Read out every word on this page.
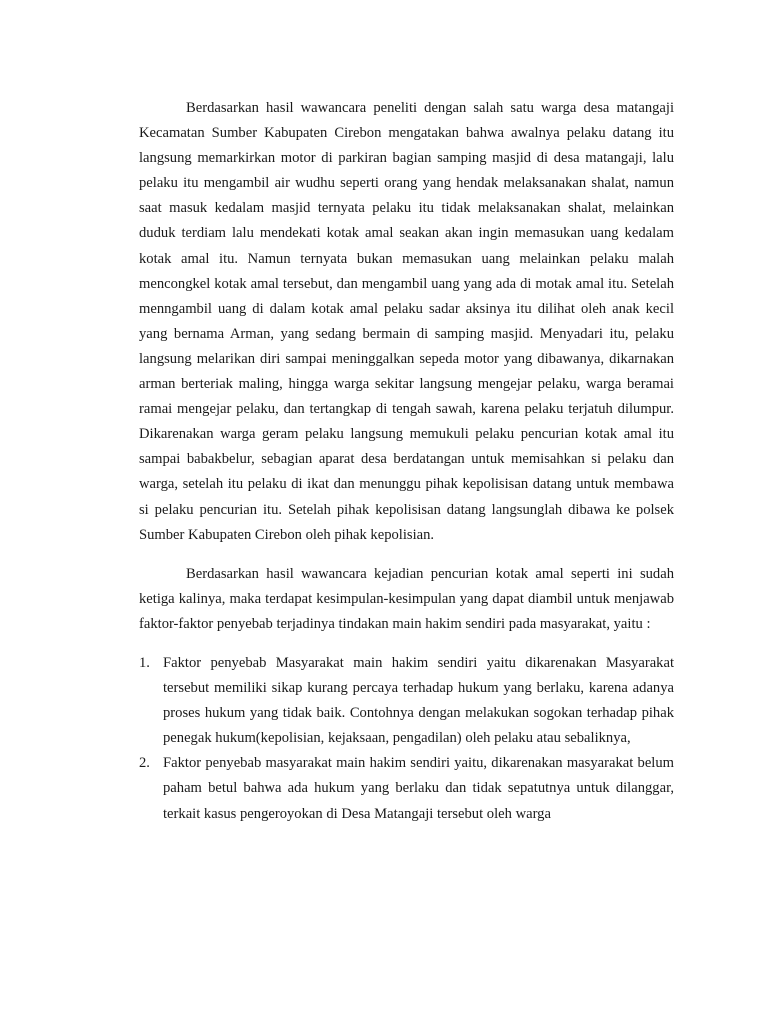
Berdasarkan hasil wawancara peneliti dengan salah satu warga desa matangaji Kecamatan Sumber Kabupaten Cirebon mengatakan bahwa awalnya pelaku datang itu langsung memarkirkan motor di parkiran bagian samping masjid di desa matangaji, lalu pelaku itu mengambil air wudhu seperti orang yang hendak melaksanakan shalat, namun saat masuk kedalam masjid ternyata pelaku itu tidak melaksanakan shalat, melainkan duduk terdiam lalu mendekati kotak amal seakan akan ingin memasukan uang kedalam kotak amal itu. Namun ternyata bukan memasukan uang melainkan pelaku malah mencongkel kotak amal tersebut, dan mengambil uang yang ada di motak amal itu. Setelah menngambil uang di dalam kotak amal pelaku sadar aksinya itu dilihat oleh anak kecil yang bernama Arman, yang sedang bermain di samping masjid. Menyadari itu, pelaku langsung melarikan diri sampai meninggalkan sepeda motor yang dibawanya, dikarnakan arman berteriak maling, hingga warga sekitar langsung mengejar pelaku, warga beramai ramai mengejar pelaku, dan tertangkap di tengah sawah, karena pelaku terjatuh dilumpur. Dikarenakan warga geram pelaku langsung memukuli pelaku pencurian kotak amal itu sampai babakbelur, sebagian aparat desa berdatangan untuk memisahkan si pelaku dan warga, setelah itu pelaku di ikat dan menunggu pihak kepolisisan datang untuk membawa si pelaku pencurian itu. Setelah pihak kepolisisan datang langsunglah dibawa ke polsek Sumber Kabupaten Cirebon oleh pihak kepolisian.

Berdasarkan hasil wawancara kejadian pencurian kotak amal seperti ini sudah ketiga kalinya, maka terdapat kesimpulan-kesimpulan yang dapat diambil untuk menjawab faktor-faktor penyebab terjadinya tindakan main hakim sendiri pada masyarakat, yaitu :

1. Faktor penyebab Masyarakat main hakim sendiri yaitu dikarenakan Masyarakat tersebut memiliki sikap kurang percaya terhadap hukum yang berlaku, karena adanya proses hukum yang tidak baik. Contohnya dengan melakukan sogokan terhadap pihak penegak hukum(kepolisian, kejaksaan, pengadilan) oleh pelaku atau sebaliknya,
2. Faktor penyebab masyarakat main hakim sendiri yaitu, dikarenakan masyarakat belum paham betul bahwa ada hukum yang berlaku dan tidak sepatutnya untuk dilanggar, terkait kasus pengeroyokan di Desa Matangaji tersebut oleh warga
